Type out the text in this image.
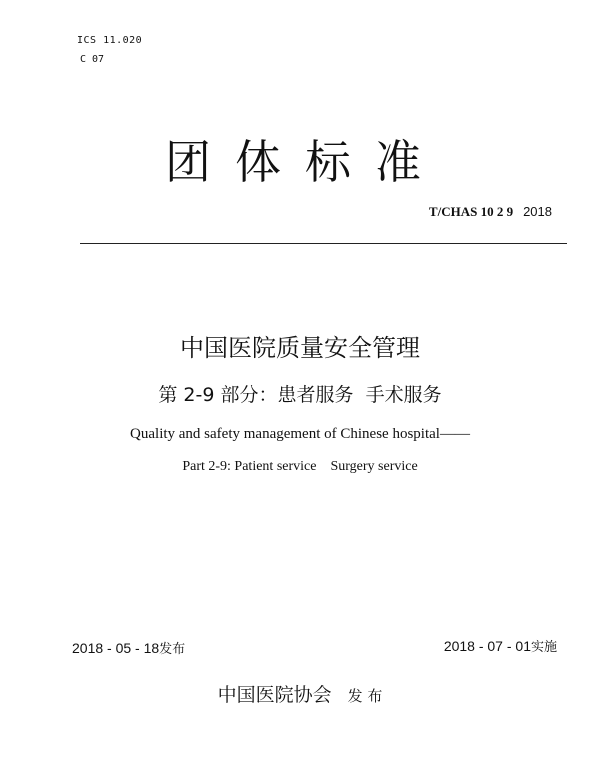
ICS 11.020
C 07
团体标准
T/CHAS 10 2 9 2018
中国医院质量安全管理
第 2-9 部分：患者服务  手术服务
Quality and safety management of Chinese hospital——
Part 2-9: Patient service    Surgery service
2018 - 05 - 18发布	2018 - 07 - 01实施
中国医院协会 发 布
